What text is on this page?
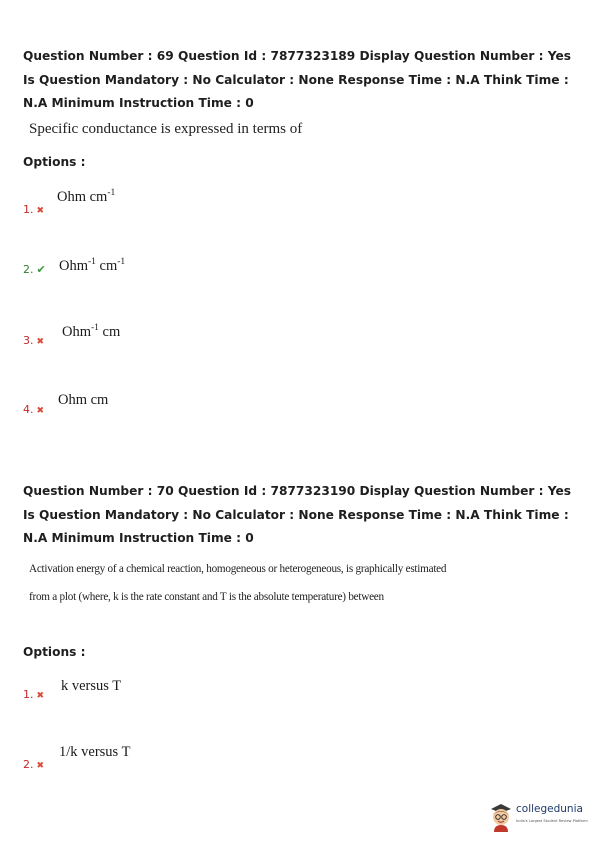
Question Number : 69 Question Id : 7877323189 Display Question Number : Yes Is Question Mandatory : No Calculator : None Response Time : N.A Think Time : N.A Minimum Instruction Time : 0
Specific conductance is expressed in terms of
Options :
1. ✖
Ohm $cm^{-1}$
2. ✔ Ohm$^{-1}$ $cm^{-1}$
3. ✖
Ohm$^{-1}$ cm
4. ✖
Ohm cm
Question Number : 70 Question Id : 7877323190 Display Question Number : Yes Is Question Mandatory : No Calculator : None Response Time : N.A Think Time : N.A Minimum Instruction Time : 0
Activation energy of a chemical reaction, homogeneous or heterogeneous, is graphically estimated
from a plot (where, k is the rate constant and T is the absolute temperature) between
Options :
1. ✖
k versus T
2. ✖
1/k versus T
collegedunia
India's Largest Student Review Platform
